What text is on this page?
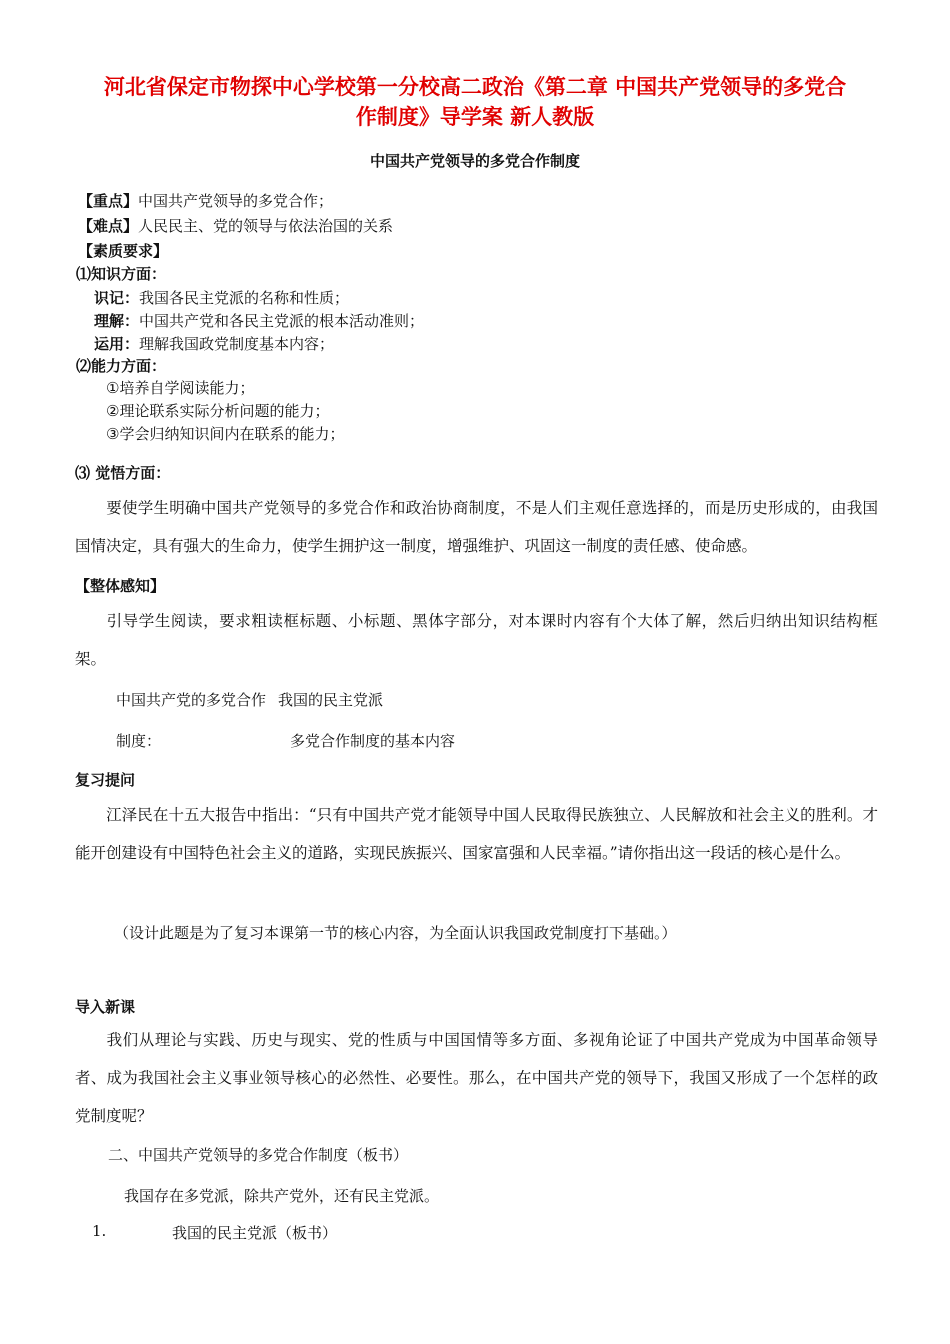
河北省保定市物探中心学校第一分校高二政治《第二章 中国共产党领导的多党合
作制度》导学案 新人教版
中国共产党领导的多党合作制度
【重点】中国共产党领导的多党合作；
【难点】人民民主、党的领导与依法治国的关系
【素质要求】
⑴知识方面：
识记：我国各民主党派的名称和性质；
理解：中国共产党和各民主党派的根本活动准则；
运用：理解我国政党制度基本内容；
⑵能力方面：
①培养自学阅读能力；
②理论联系实际分析问题的能力；
③学会归纳知识间内在联系的能力；
⑶ 觉悟方面：
要使学生明确中国共产党领导的多党合作和政治协商制度，不是人们主观任意选择的，而是历史形成的，由我国国情决定，具有强大的生命力，使学生拥护这一制度，增强维护、巩固这一制度的责任感、使命感。
【整体感知】
引导学生阅读，要求粗读框标题、小标题、黑体字部分，对本课时内容有个大体了解，然后归纳出知识结构框架。
中国共产党的多党合作 我国的民主党派
制度：	多党合作制度的基本内容
复习提问
江泽民在十五大报告中指出：“只有中国共产党才能领导中国人民取得民族独立、人民解放和社会主义的胜利。才能开创建设有中国特色社会主义的道路，实现民族振兴、国家富强和人民幸福。”请你指出这一段话的核心是什么。
（设计此题是为了复习本课第一节的核心内容，为全面认识我国政党制度打下基础。）
导入新课
我们从理论与实践、历史与现实、党的性质与中国国情等多方面、多视角论证了中国共产党成为中国革命领导者、成为我国社会主义事业领导核心的必然性、必要性。那么，在中国共产党的领导下，我国又形成了一个怎样的政党制度呢？
二、中国共产党领导的多党合作制度（板书）
我国存在多党派，除共产党外，还有民主党派。
1.	我国的民主党派（板书）
